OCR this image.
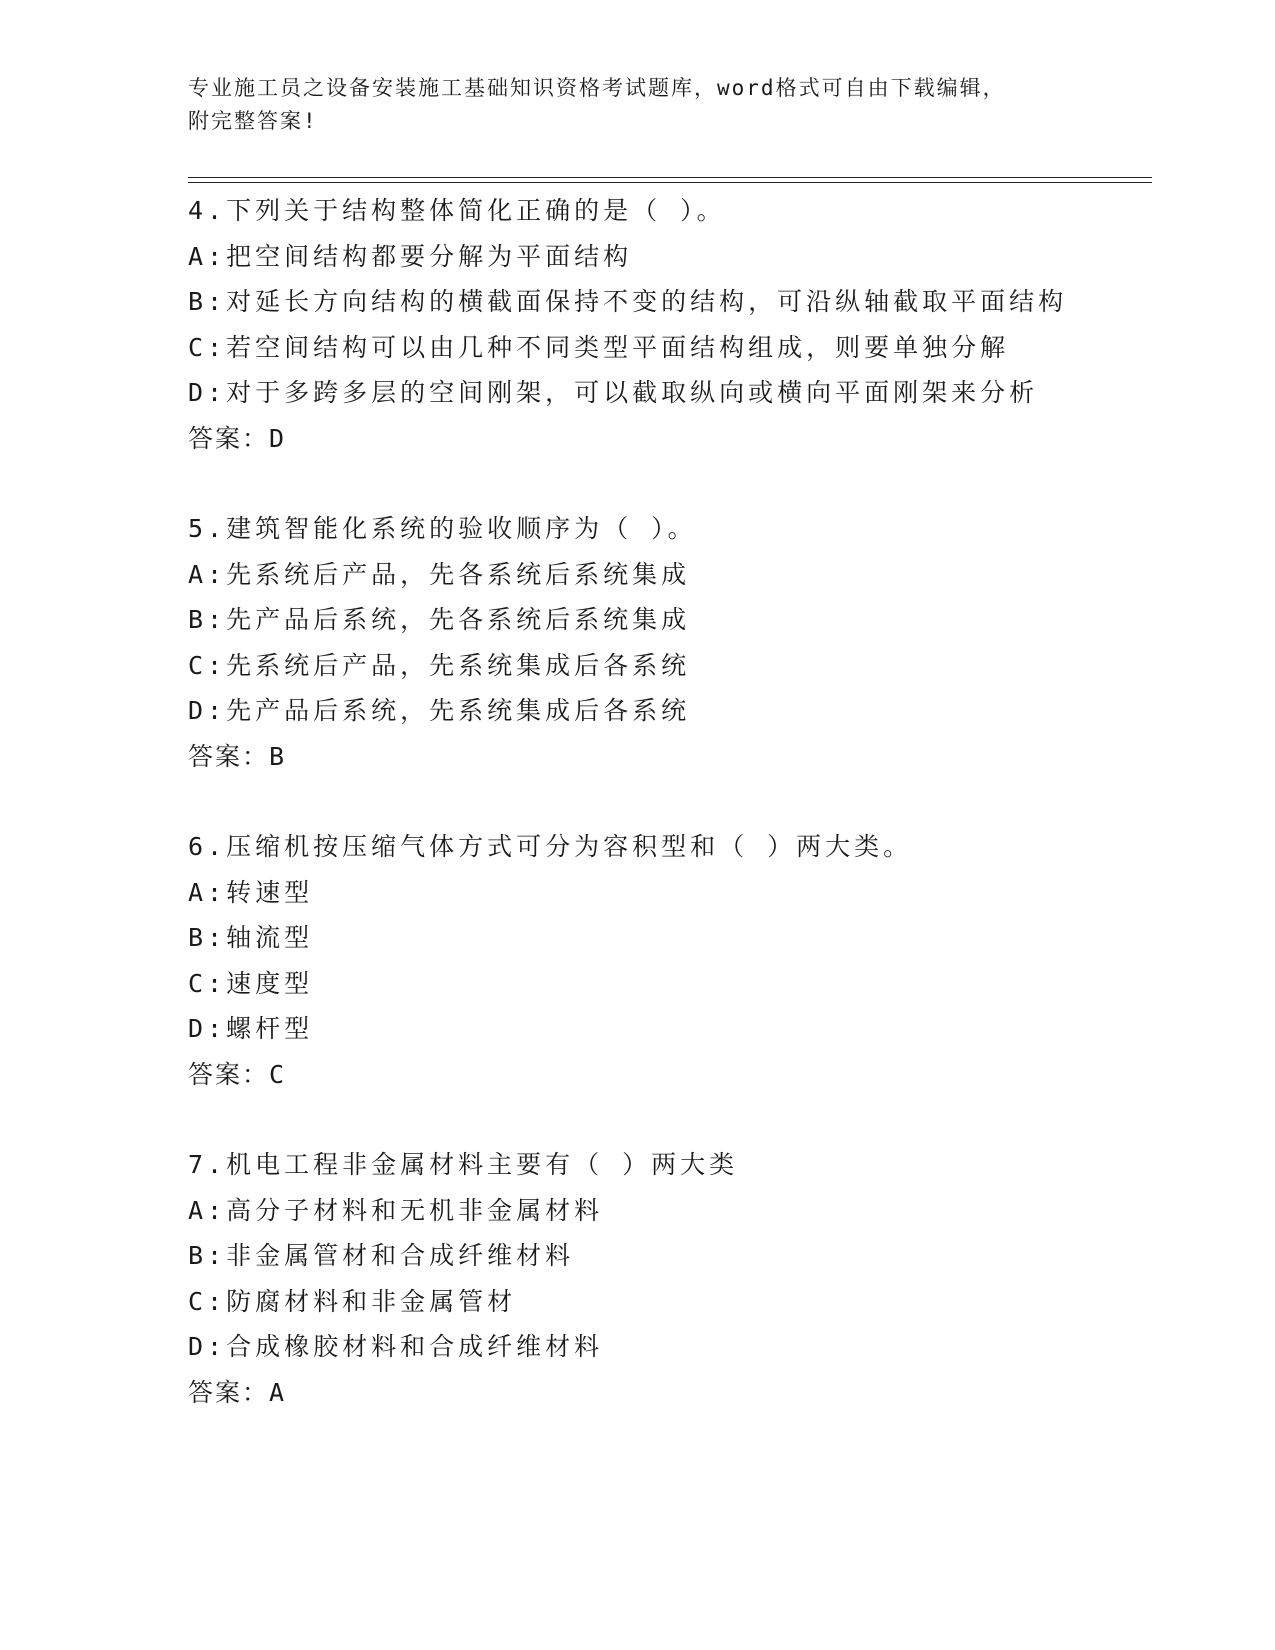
专业施工员之设备安装施工基础知识资格考试题库，word格式可自由下载编辑，
附完整答案!
4.下列关于结构整体简化正确的是（ ）。
A:把空间结构都要分解为平面结构
B:对延长方向结构的横截面保持不变的结构，可沿纵轴截取平面结构
C:若空间结构可以由几种不同类型平面结构组成，则要单独分解
D:对于多跨多层的空间刚架，可以截取纵向或横向平面刚架来分析
答案：D
5.建筑智能化系统的验收顺序为（ ）。
A:先系统后产品，先各系统后系统集成
B:先产品后系统，先各系统后系统集成
C:先系统后产品，先系统集成后各系统
D:先产品后系统，先系统集成后各系统
答案：B
6.压缩机按压缩气体方式可分为容积型和（ ）两大类。
A:转速型
B:轴流型
C:速度型
D:螺杆型
答案：C
7.机电工程非金属材料主要有（ ）两大类
A:高分子材料和无机非金属材料
B:非金属管材和合成纤维材料
C:防腐材料和非金属管材
D:合成橡胶材料和合成纤维材料
答案：A
